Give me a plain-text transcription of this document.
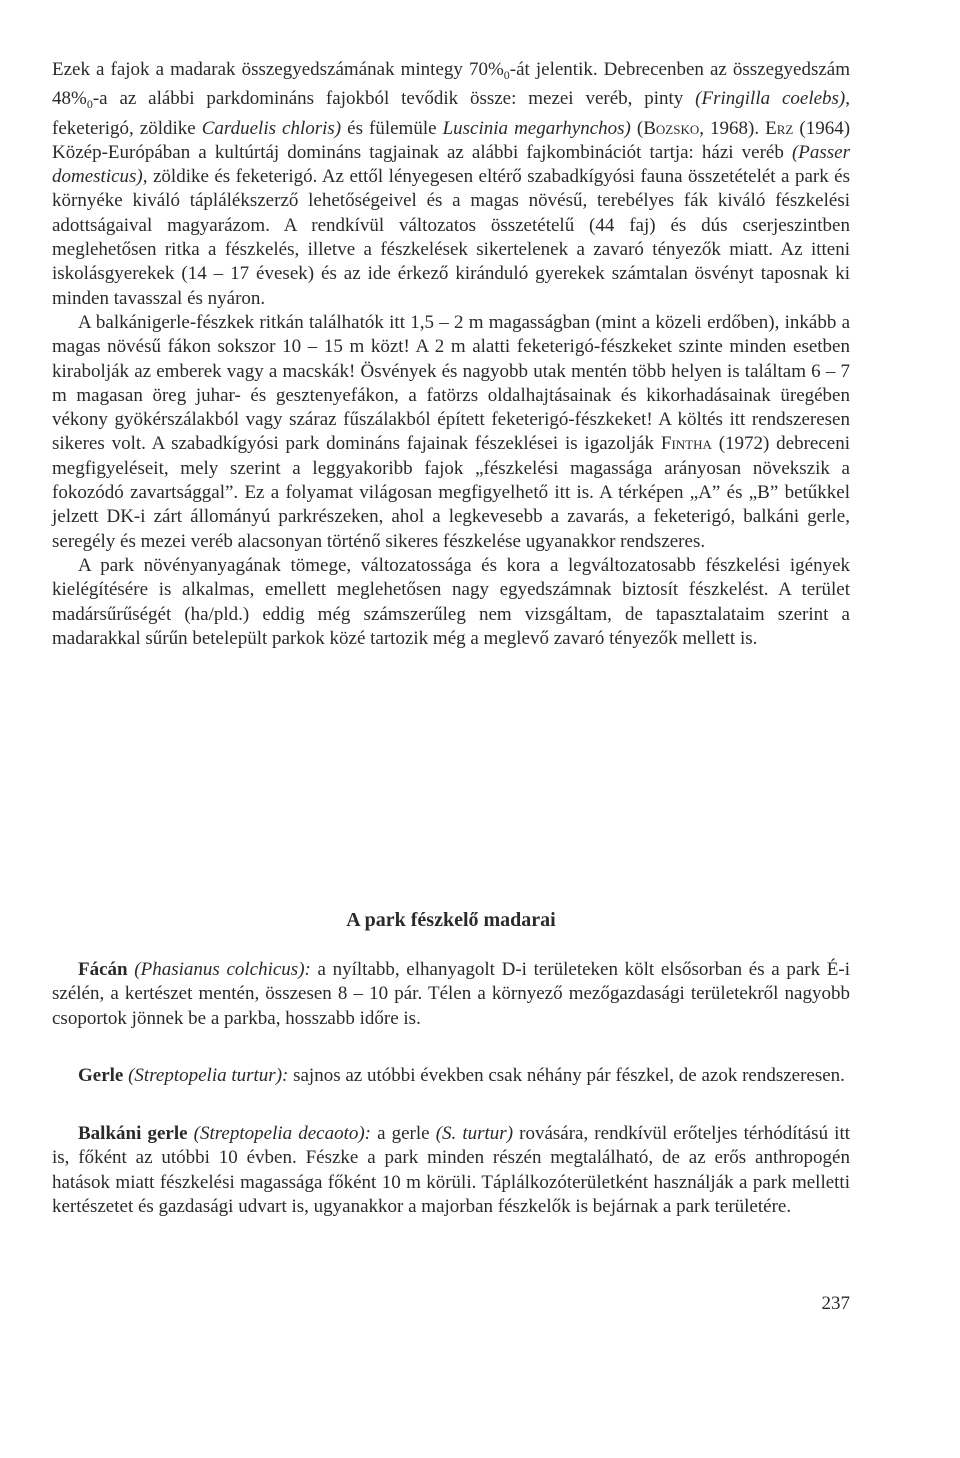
Ezek a fajok a madarak összegyedszámának mintegy $70\%_0-át$ jelentik. Debrecenben az összegyedszám $48\%_0-a$ az alábbi parkdomináns fajokból tevődik össze: mezei veréb, pinty (Fringilla coelebs), feketerigó, zöldike Carduelis chloris) és fülemüle Luscinia megarhynchos) (Bozsko, 1968). Erz (1964) Közép-Európában a kultúrtáj domináns tagjainak az alábbi fajkombinációt tartja: házi veréb (Passer domesticus), zöldike és feketerigó. Az ettől lényegesen eltérő szabadkígyósi fauna összetételét a park és környéke kiváló táplálékszerző lehetőségeivel és a magas növésű, terebélyes fák kiváló fészkelési adottságaival magyarázom. A rendkívül változatos összetételű (44 faj) és dús cserjeszintben meglehetősen ritka a fészkelés, illetve a fészkelések sikertelenek a zavaró tényezők miatt. Az itteni iskolásgyerekek (14 – 17 évesek) és az ide érkező kiránduló gyerekek számtalan ösvényt taposnak ki minden tavasszal és nyáron.

A balkánigerle-fészkek ritkán találhatók itt 1,5 – 2 m magasságban (mint a közeli erdőben), inkább a magas növésű fákon sokszor 10 – 15 m közt! A 2 m alatti feketerigó-fészkeket szinte minden esetben kirabolják az emberek vagy a macskák! Ösvények és nagyobb utak mentén több helyen is találtam 6 – 7 m magasan öreg juhar- és gesztenyefákon, a fatörzs oldalhajtásainak és kikorhadásainak üregében vékony gyökérszálakból vagy száraz fűszálakból épített feketerigó-fészkeket! A költés itt rendszeresen sikeres volt. A szabadkígyósi park domináns fajainak fészeklései is igazolják Fintha (1972) debreceni megfigyeléseit, mely szerint a leggyakoribb fajok „fészkelési magassága arányosan növekszik a fokozódó zavartsággal”. Ez a folyamat világosan megfigyelhető itt is. A térképen „A” és „B” betűkkel jelzett DK-i zárt állományú parkrészeken, ahol a legkevesebb a zavarás, a feketerigó, balkáni gerle, seregély és mezei veréb alacsonyan történő sikeres fészkelése ugyanakkor rendszeres.

A park növényanyagának tömege, változatossága és kora a legváltozatosabb fészkelési igények kielégítésére is alkalmas, emellett meglehetősen nagy egyedszámnak biztosít fészkelést. A terület madársűrűségét (ha/pld.) eddig még számszerűleg nem vizsgáltam, de tapasztalataim szerint a madarakkal sűrűn betelepült parkok közé tartozik még a meglevő zavaró tényezők mellett is.

A park fészkelő madarai

Fácán (Phasianus colchicus): a nyíltabb, elhanyagolt D-i területeken költ elsősorban és a park É-i szélén, a kertészet mentén, összesen 8 – 10 pár. Télen a környező mezőgazdasági területekről nagyobb csoportok jönnek be a parkba, hosszabb időre is.

Gerle (Streptopelia turtur): sajnos az utóbbi években csak néhány pár fészkel, de azok rendszeresen.

Balkáni gerle (Streptopelia decaoto): a gerle (S. turtur) rovására, rendkívül erőteljes térhódítású itt is, főként az utóbbi 10 évben. Fészke a park minden részén megtalálható, de az erős anthropogén hatások miatt fészkelési magassága főként 10 m körüli. Táplálkozóterületként használják a park melletti kertészetet és gazdasági udvart is, ugyanakkor a majorban fészkelők is bejárnak a park területére.

237
